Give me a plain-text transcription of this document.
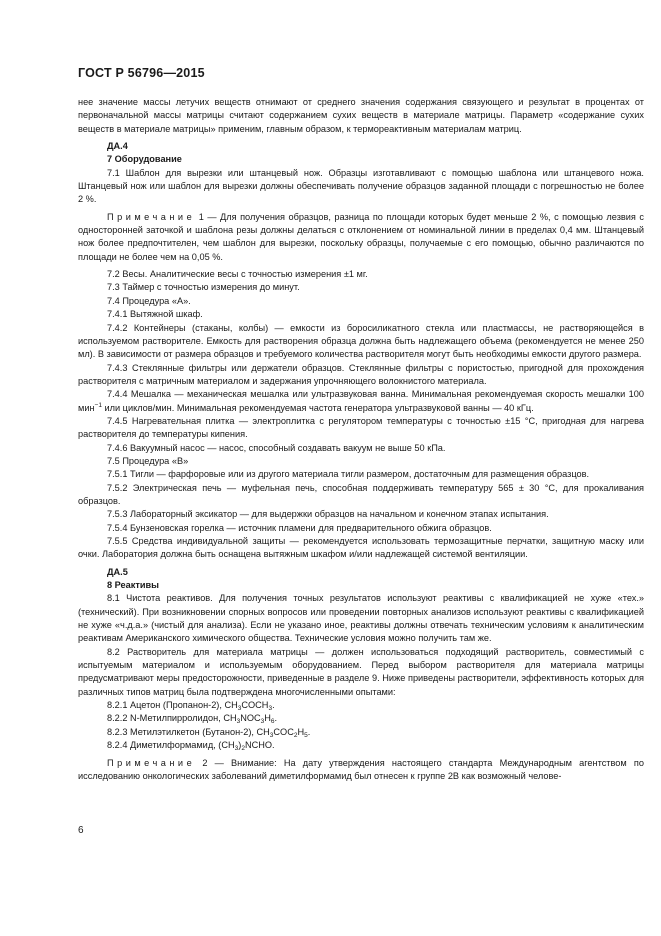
ГОСТ Р 56796—2015

нее значение массы летучих веществ отнимают от среднего значения содержания связующего и результат в процентах от первоначальной массы матрицы считают содержанием сухих веществ в материале матрицы. Параметр «содержание сухих веществ в материале матрицы» применим, главным образом, к термореактивным материалам матриц.

ДА.4

7 Оборудование

7.1 Шаблон для вырезки или штанцевый нож. Образцы изготавливают с помощью шаблона или штанцевого ножа. Штанцевый нож или шаблон для вырезки должны обеспечивать получение образцов заданной площади с погрешностью не более 2 %.

Примечание 1 — Для получения образцов, разница по площади которых будет меньше 2 %, с помощью лезвия с односторонней заточкой и шаблона резы должны делаться с отклонением от номинальной линии в пределах 0,4 мм. Штанцевый нож более предпочтителен, чем шаблон для вырезки, поскольку образцы, получаемые с его помощью, обычно различаются по площади не более чем на 0,05 %.

7.2 Весы. Аналитические весы с точностью измерения ±1 мг.

7.3 Таймер с точностью измерения до минут.

7.4 Процедура «А».

7.4.1 Вытяжной шкаф.

7.4.2 Контейнеры (стаканы, колбы) — емкости из боросиликатного стекла или пластмассы, не растворяющейся в используемом растворителе. Емкость для растворения образца должна быть надлежащего объема (рекомендуется не менее 250 мл). В зависимости от размера образцов и требуемого количества растворителя могут быть необходимы емкости другого размера.

7.4.3 Стеклянные фильтры или держатели образцов. Стеклянные фильтры с пористостью, пригодной для прохождения растворителя с матричным материалом и задержания упрочняющего волокнистого материала.

7.4.4 Мешалка — механическая мешалка или ультразвуковая ванна. Минимальная рекомендуемая скорость мешалки 100 мин$^{-1}$ или циклов/мин. Минимальная рекомендуемая частота генератора ультразвуковой ванны — 40 кГц.

7.4.5 Нагревательная плитка — электроплитка с регулятором температуры с точностью ±15 °С, пригодная для нагрева растворителя до температуры кипения.

7.4.6 Вакуумный насос — насос, способный создавать вакуум не выше 50 кПа.

7.5 Процедура «В»

7.5.1 Тигли — фарфоровые или из другого материала тигли размером, достаточным для размещения образцов.

7.5.2 Электрическая печь — муфельная печь, способная поддерживать температуру 565 ± 30 °С, для прокаливания образцов.

7.5.3 Лабораторный эксикатор — для выдержки образцов на начальном и конечном этапах испытания.

7.5.4 Бунзеновская горелка — источник пламени для предварительного обжига образцов.

7.5.5 Средства индивидуальной защиты — рекомендуется использовать термозащитные перчатки, защитную маску или очки. Лаборатория должна быть оснащена вытяжным шкафом и/или надлежащей системой вентиляции.

ДА.5

8 Реактивы

8.1 Чистота реактивов. Для получения точных результатов используют реактивы с квалификацией не хуже «тех.» (технический). При возникновении спорных вопросов или проведении повторных анализов используют реактивы с квалификацией не хуже «ч.д.а.» (чистый для анализа). Если не указано иное, реактивы должны отвечать техническим условиям к аналитическим реактивам Американского химического общества. Технические условия можно получить там же.

8.2 Растворитель для материала матрицы — должен использоваться подходящий растворитель, совместимый с испытуемым материалом и используемым оборудованием. Перед выбором растворителя для материала матрицы предусматривают меры предосторожности, приведенные в разделе 9. Ниже приведены растворители, эффективность которых для различных типов матриц была подтверждена многочисленными опытами:

8.2.1 Ацетон (Пропанон-2), $CH_3COCH_3$.

8.2.2 N-Метилпирролидон, $CH_3NOC_3H_6$.

8.2.3 Метилэтилкетон (Бутанон-2), $CH_3COC_2H_5$.

8.2.4 Диметилформамид, $(CH_3)_2NCHO$.

Примечание 2 — Внимание: На дату утверждения настоящего стандарта Международным агентством по исследованию онкологических заболеваний диметилформамид был отнесен к группе 2В как возможный челове-

6
